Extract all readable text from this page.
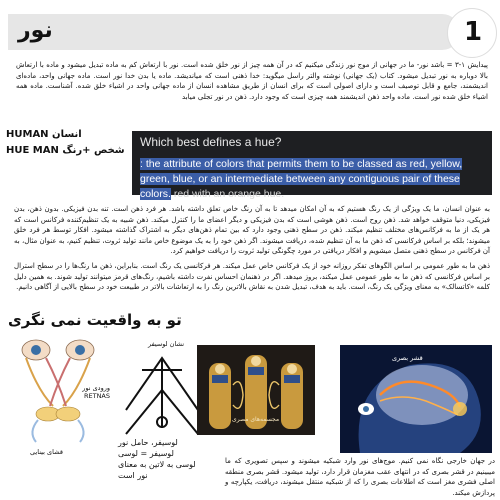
نور	1
پیدایش ۱-۳ = باشد نور- ما در جهانی از موج نور زندگی میکنیم که در آن همه چیز از نور خلق شده است. نور با ارتعاش کم به ماده تبدیل میشود و ماده با ارتعاش بالا دوباره به نور تبدیل میشود. کتاب (یک جهانی) نوشته والتر راسل میگوید: خدا ذهنی است که میاندیشد. ماده یا بدن خدا نور است. ماده جهانی واحد، ماده‌ای اندیشمند، جامع و قابل توصیف است و دارای اصولی است که برای انسان از طریق مشاهده انسان از ماده جهانی واحد در اشیاء خلق شده. آشناست. ماده همه اشیاء خلق شده نور است. ماده واحد ذهن اندیشمند همه چیزی است که وجود دارد. ذهن در نور تجلی میابد
HUMAN انسان
HUE MAN شخص +رنگ
Which best defines a hue?
: the attribute of colors that permits them to be classed as red, yellow, green, blue, or an intermediate between any contiguous pair of these colors. red with an orange hue.
به عنوان انسان، ما یک ویژگی از یک رنگ هستیم که به آن امکان میدهد تا به آن رنگ خاص تعلق داشته باشد. هر فرد ذهن است. تنه بدن فیزیکی. بدون ذهن، بدن فیزیکی، دنیا متوقف خواهد شد. ذهن روح است. ذهن هوشی است که بدن فیزیکی و دیگر اعضای ما را کنترل میکند. ذهن شبیه به یک تنظیم‌کننده فرکانس است که هر یک از ما به فرکانس‌های مختلف تنظیم میکند. ذهن در سطح ذهنی وجود دارد که بین تمام ذهن‌های دیگر به اشتراک گذاشته میشود. افکار توسط هر فرد خلق میشوند؛ بلکه بر اساس فرکانسی که ذهن ما به آن تنظیم شده، دریافت میشوند. اگر ذهن خود را به یک موضوع خاص مانند تولید ثروت، تنظیم کنیم، به عنوان مثال، به آن فرکانس در سطح ذهنی متصل میشویم و افکار دریافتی در مورد چگونگی تولید ثروت را دریافت خواهیم کرد.
ذهن ما به طور عمومی بر اساس الگوهای تفکر روزانه خود از یک فرکانس خاص عمل میکند. هر فرکانسی یک رنگ است. بنابراین، ذهن ما رنگ‌ها را در سطح استرال بر اساس فرکانسی که ذهن ما به طور عمومی عمل میکند، بروز میدهد. اگر در ذهنمان احساس نفرت داشته باشیم، رنگ‌های قرمز میتوانند تولید شوند. به همین دلیل کلمه «کاتسالک» به معنای ویژگی یک رنگ، است. باید به هدف، تبدیل شدن به نقاش بالاترین رنگ را به ارتعاشات بالاتر در طبیعت خود در سطح بالایی از آگاهی دانیم.
تو به واقعیت نمی نگری
ورودی نور RETNAS
قشای بینایی
نشان لوسیفر
مجسمه‌های مصری
قشر بصری
لوسیفر، حامل نور
لوسیفر = لوسی
لوسی به لاتین به معنای نور است
در جهان خارجی نگاه نمی کنیم. موج‌های نور وارد شبکیه میشوند و سپس تصویری که ما میبینیم در قشر بصری که در انتهای عقب مغزمان قرار دارد، تولید میشود. قشر بصری منطقه اصلی فشری مغز است که اطلاعات بصری را که از شبکیه منتقل میشوند، دریافت، یکپارچه و پردازش میکند.
